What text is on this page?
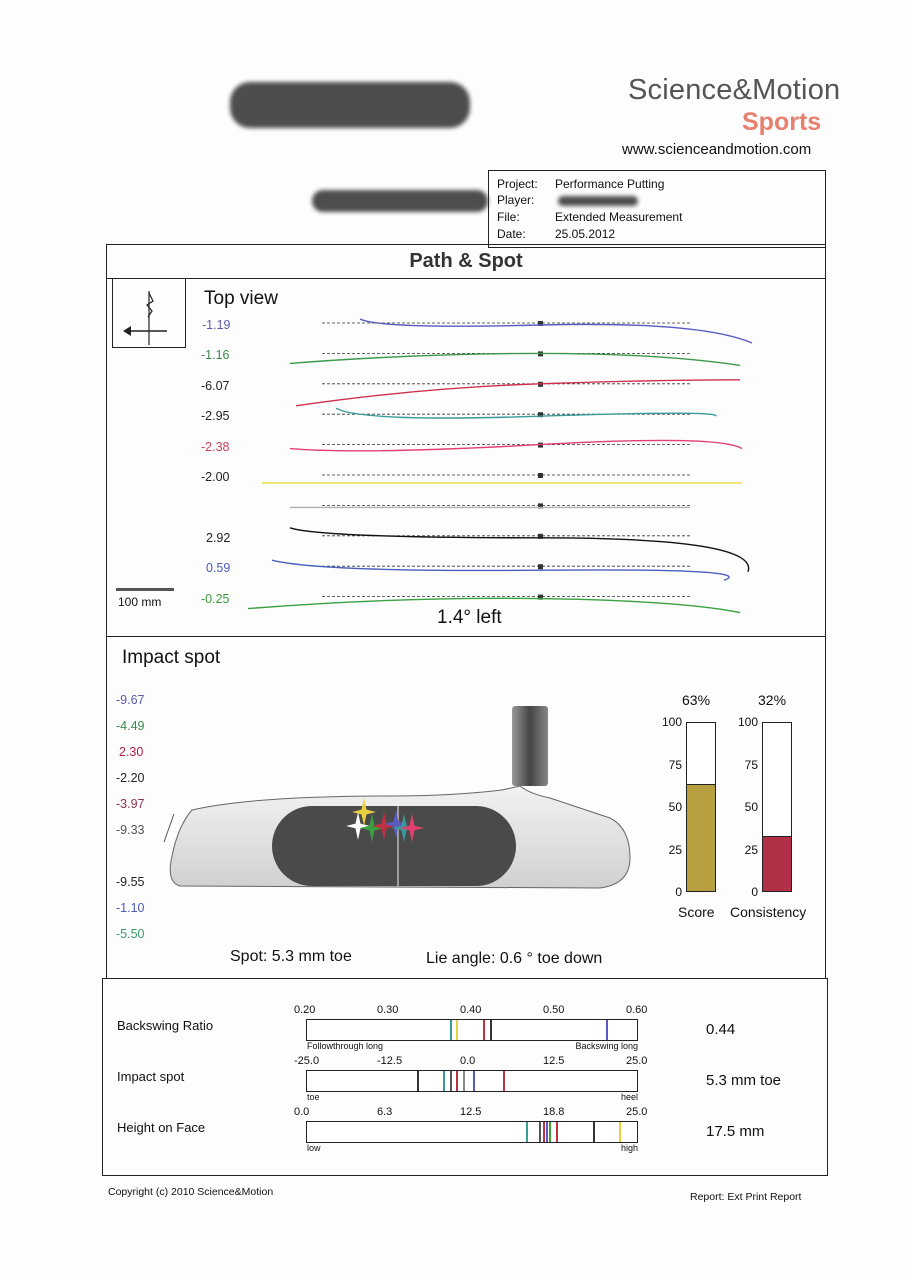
Science&Motion
Sports
www.scienceandmotion.com
Project: Performance Putting
Player:
File:	Extended Measurement
Date: 25.05.2012
Path & Spot
Top view
-1.19
-1.16
-6.07
-2.95
-2.38
-2.00
2.92
0.59
-0.25
100 mm
1.4° left
Impact spot
-9.67
-4.49
2.30
-2.20
-3.97
-9.33
-9.55
-1.10
-5.50
Spot: 5.3 mm toe	Lie angle: 0.6 ° toe down
63%
100
75
50
25
0
Score
32%
100
75
50
25
0
Consistency
Backswing Ratio
0.20	0.30	0.40	0.50	0.60
Followthrough long	Backswing long
0.44
Impact spot
-25.0	-12.5	0.0	12.5	25.0
toe	heel
5.3 mm toe
Height on Face
0.0	6.3	12.5	18.8	25.0
low	high
17.5 mm
Copyright (c) 2010 Science&Motion	Report: Ext Print Report
